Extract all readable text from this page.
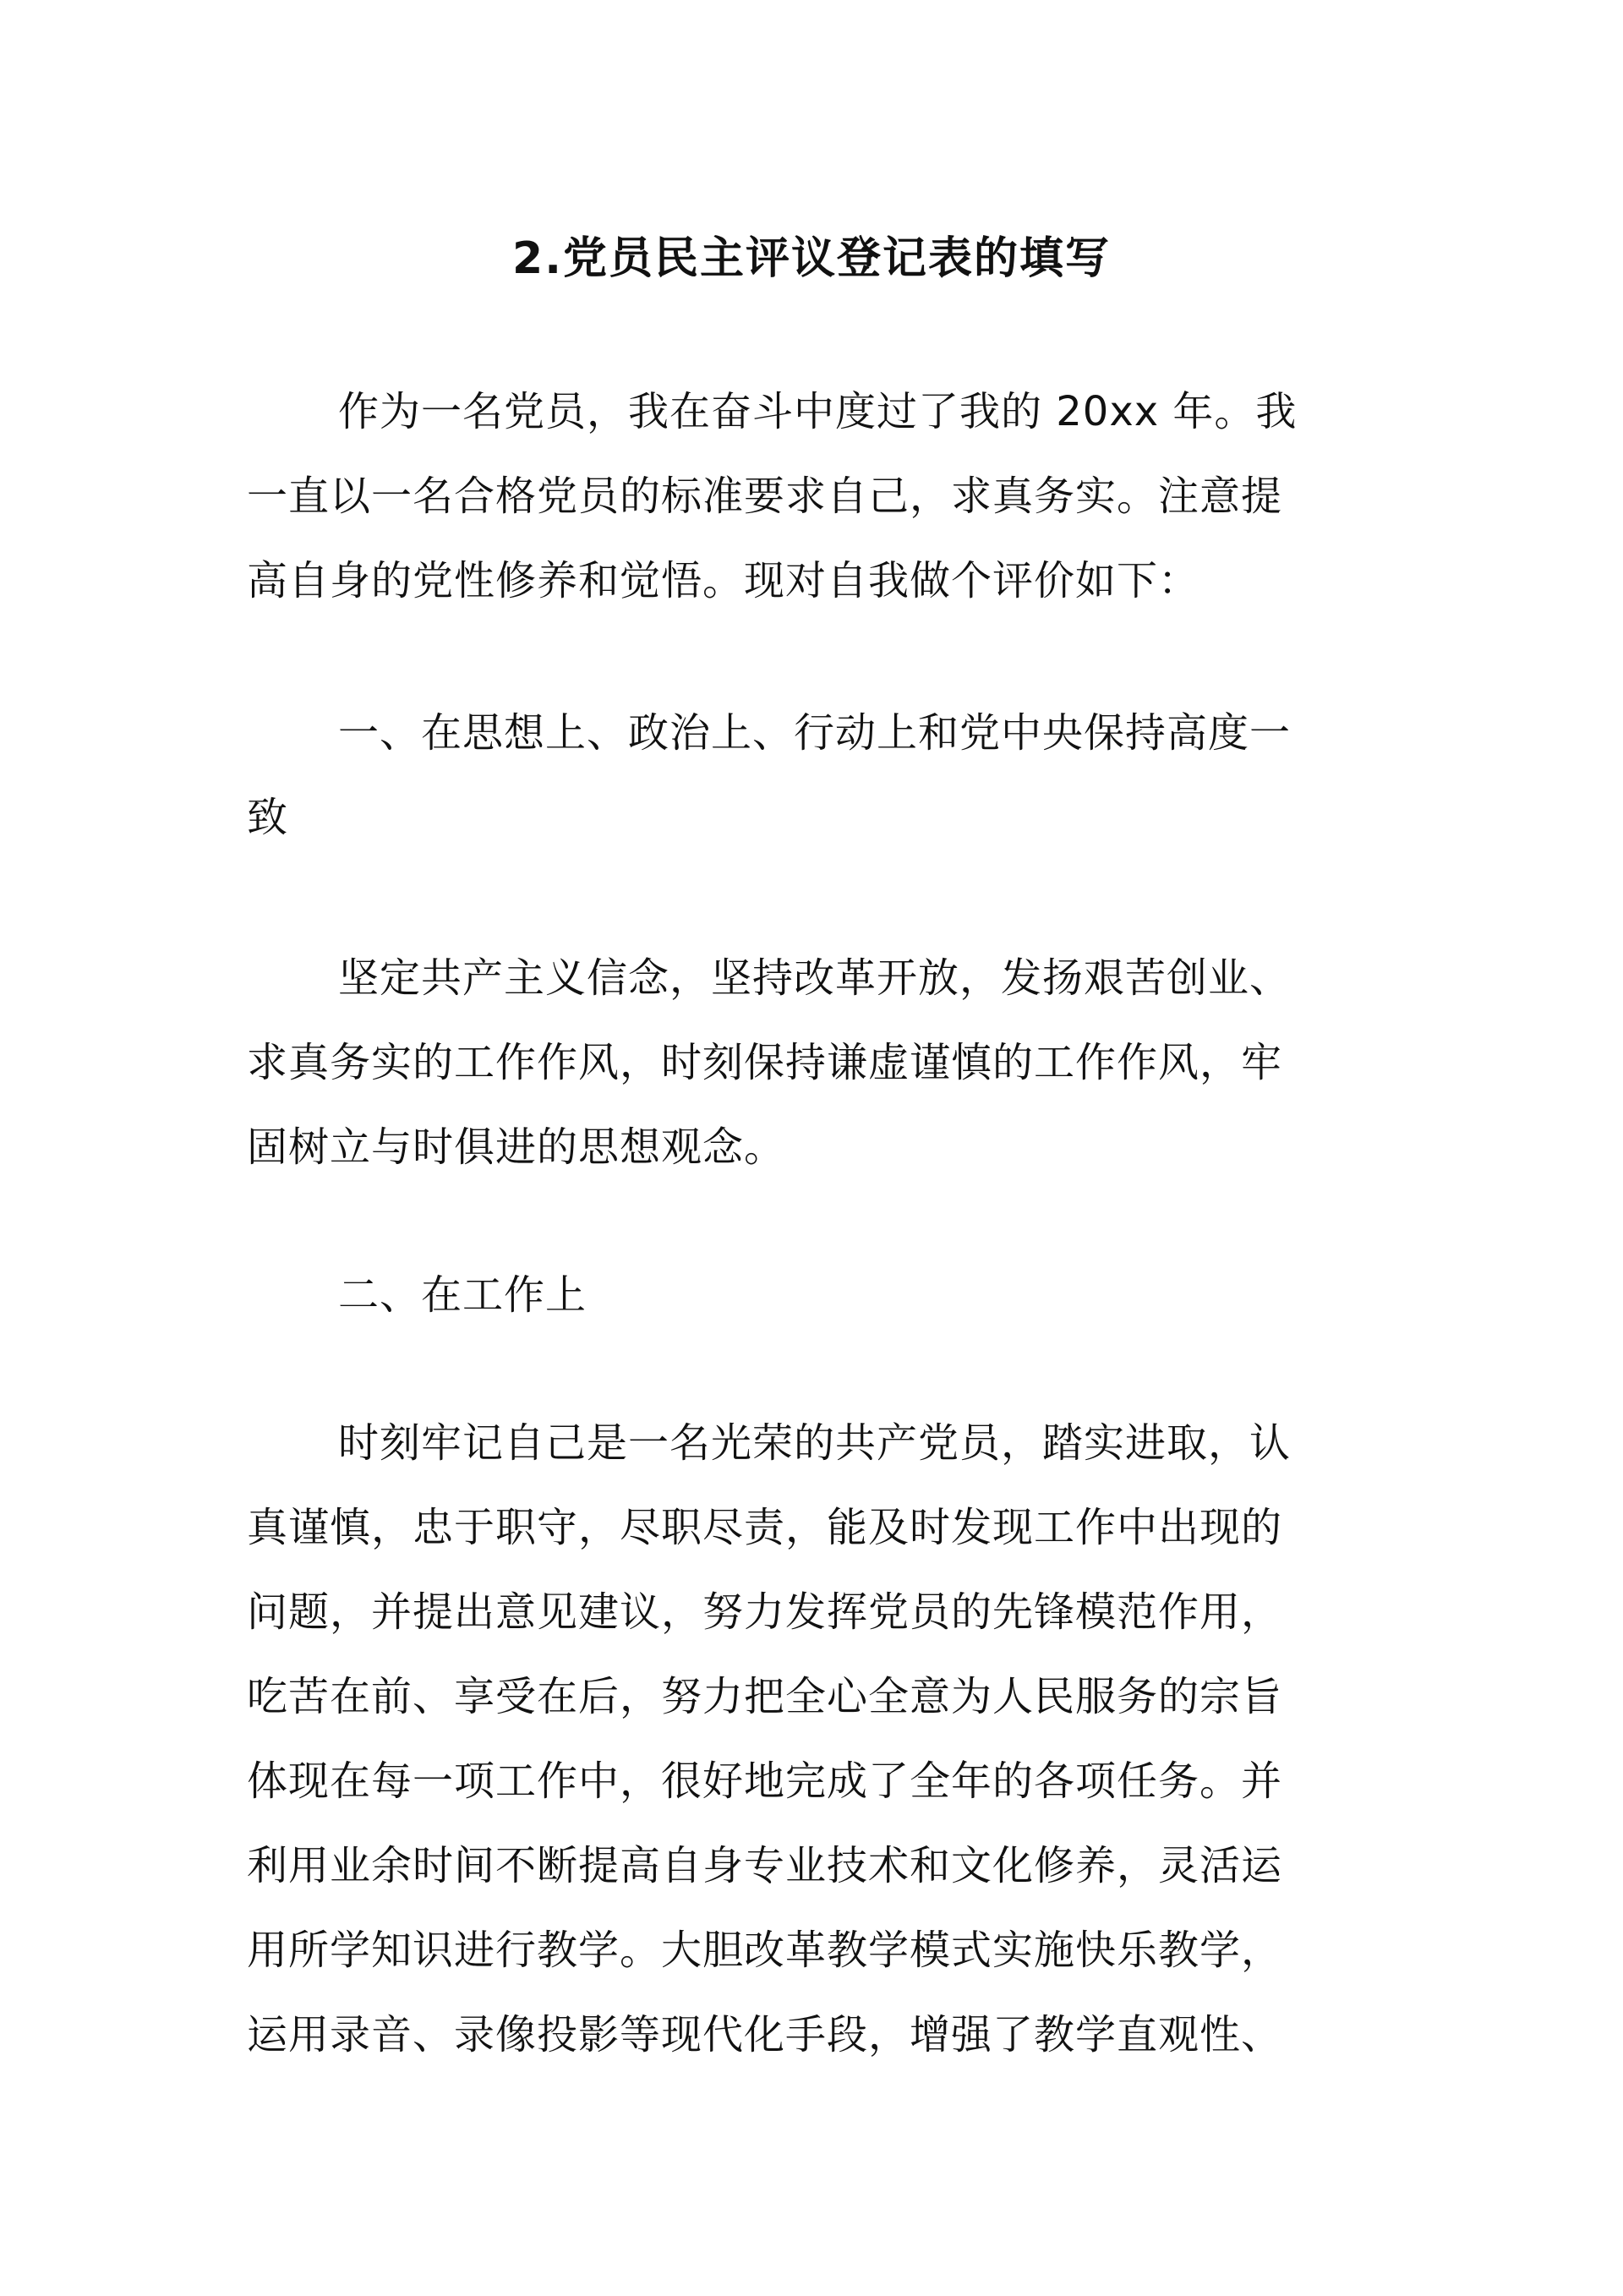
2.党员民主评议登记表的填写
作为一名党员，我在奋斗中度过了我的 20xx 年。我
一直以一名合格党员的标准要求自己，求真务实。注意提
高自身的党性修养和觉悟。现对自我做个评价如下：
一、在思想上、政治上、行动上和党中央保持高度一
致
坚定共产主义信念，坚持改革开放，发扬艰苦创业、
求真务实的工作作风，时刻保持谦虚谨慎的工作作风，牢
固树立与时俱进的思想观念。
二、在工作上
时刻牢记自己是一名光荣的共产党员，踏实进取，认
真谨慎，忠于职守，尽职尽责，能及时发现工作中出现的
问题，并提出意见建议，努力发挥党员的先锋模范作用，
吃苦在前、享受在后，努力把全心全意为人民服务的宗旨
体现在每一项工作中，很好地完成了全年的各项任务。并
利用业余时间不断提高自身专业技术和文化修养，灵活运
用所学知识进行教学。大胆改革教学模式实施快乐教学，
运用录音、录像投影等现代化手段，增强了教学直观性、
